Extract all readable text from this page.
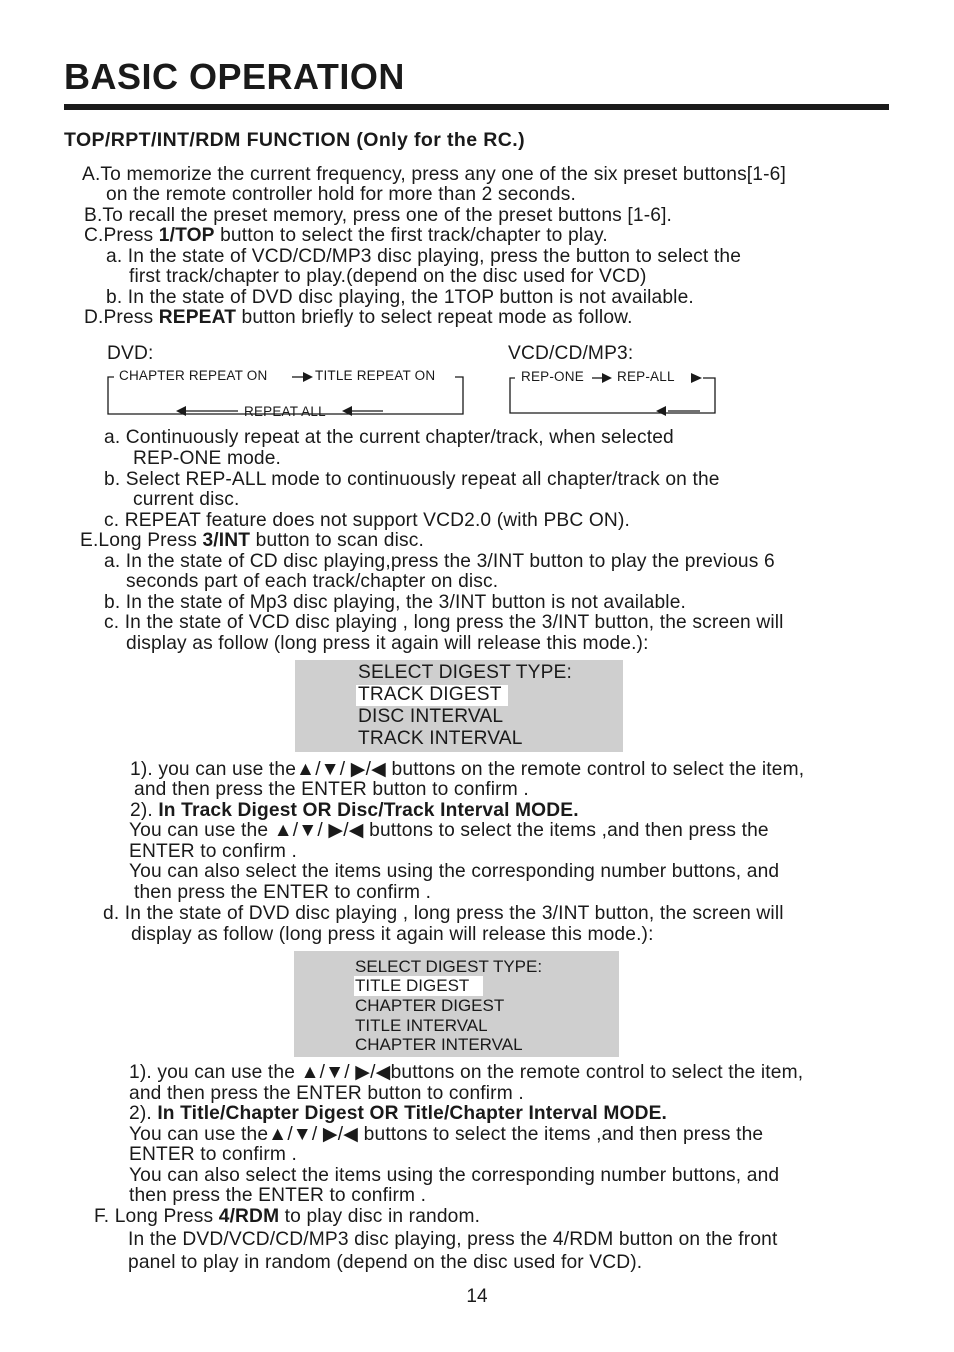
BASIC OPERATION
TOP/RPT/INT/RDM FUNCTION (Only for the RC.)
A.To memorize the current frequency, press any one of the six preset buttons[1-6]
on the remote controller hold for more than 2 seconds.
B.To recall the preset memory, press one of the preset buttons [1-6].
C.Press 1/TOP button to select the first track/chapter to play.
a. In the state of VCD/CD/MP3 disc playing, press the button to select the
first track/chapter to play.(depend on the disc used for VCD)
b. In the state of DVD disc playing, the 1TOP button is not available.
D.Press REPEAT button briefly to select repeat mode as follow.
DVD:	VCD/CD/MP3:
CHAPTER REPEAT ON	TITLE REPEAT ON
REPEAT ALL
REP-ONE REP-ALL
a. Continuously repeat at the current chapter/track, when selected
REP-ONE mode.
b. Select REP-ALL mode to continuously repeat all chapter/track on the
current disc.
c. REPEAT feature does not support VCD2.0 (with PBC ON).
E.Long Press 3/INT button to scan disc.
a. In the state of CD disc playing,press the 3/INT button to play the previous 6
seconds part of each track/chapter on disc.
b. In the state of Mp3 disc playing, the 3/INT button is not available.
c. In the state of VCD disc playing , long press the 3/INT button, the screen will
display as follow (long press it again will release this mode.):
SELECT DIGEST TYPE:
TRACK DIGEST
DISC INTERVAL
TRACK INTERVAL
1). you can use the▲/▼/ ▶/◀ buttons on the remote control to select the item,
and then press the ENTER button to confirm .
2). In Track Digest OR Disc/Track Interval MODE.
You can use the ▲/▼/ ▶/◀ buttons to select the items ,and then press the
ENTER to confirm .
You can also select the items using the corresponding number buttons, and
then press the ENTER to confirm .
d. In the state of DVD disc playing , long press the 3/INT button, the screen will
display as follow (long press it again will release this mode.):
SELECT DIGEST TYPE:
TITLE DIGEST
CHAPTER DIGEST
TITLE INTERVAL
CHAPTER INTERVAL
1). you can use the ▲/▼/ ▶/◀buttons on the remote control to select the item,
and then press the ENTER button to confirm .
2). In Title/Chapter Digest OR Title/Chapter Interval MODE.
You can use the▲/▼/ ▶/◀ buttons to select the items ,and then press the
ENTER to confirm .
You can also select the items using the corresponding number buttons, and
then press the ENTER to confirm .
F. Long Press 4/RDM to play disc in random.
In the DVD/VCD/CD/MP3 disc playing, press the 4/RDM button on the front
panel to play in random (depend on the disc used for VCD).
14
